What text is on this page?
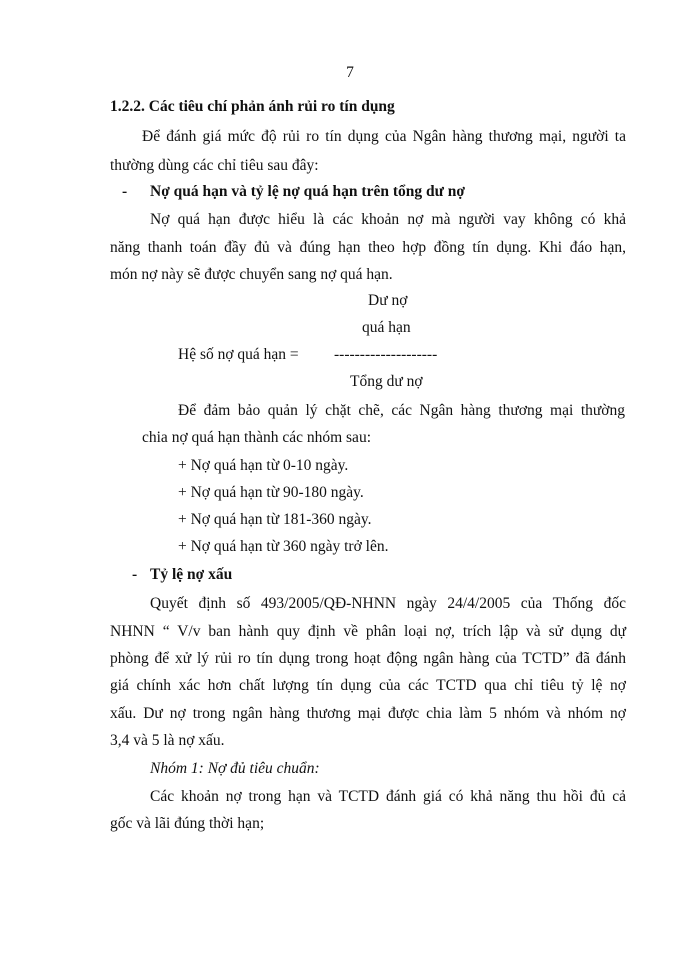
7
1.2.2. Các tiêu chí phản ánh rủi ro tín dụng
Để đánh giá mức độ rủi ro tín dụng của Ngân hàng thương mại, người ta
thường dùng các chỉ tiêu sau đây:
- Nợ quá hạn và tỷ lệ nợ quá hạn trên tổng dư nợ
Nợ quá hạn được hiểu là các khoản nợ mà người vay không có khả
năng thanh toán đầy đủ và đúng hạn theo hợp đồng tín dụng. Khi đáo hạn,
món nợ này sẽ được chuyển sang nợ quá hạn.
Dư nợ
quá hạn
Hệ số nợ quá hạn = --------------------
Tổng dư nợ
Để đảm bảo quản lý chặt chẽ, các Ngân hàng thương mại thường
chia nợ quá hạn thành các nhóm sau:
+ Nợ quá hạn từ 0-10 ngày.
+ Nợ quá hạn từ 90-180 ngày.
+ Nợ quá hạn từ 181-360 ngày.
+ Nợ quá hạn từ 360 ngày trở lên.
- Tỷ lệ nợ xấu
Quyết định số 493/2005/QĐ-NHNN ngày 24/4/2005 của Thống đốc
NHNN “ V/v ban hành quy định về phân loại nợ, trích lập và sử dụng dự
phòng để xử lý rủi ro tín dụng trong hoạt động ngân hàng của TCTD” đã đánh
giá chính xác hơn chất lượng tín dụng của các TCTD qua chỉ tiêu tỷ lệ nợ
xấu. Dư nợ trong ngân hàng thương mại được chia làm 5 nhóm và nhóm nợ
3,4 và 5 là nợ xấu.
Nhóm 1: Nợ đủ tiêu chuẩn:
Các khoản nợ trong hạn và TCTD đánh giá có khả năng thu hồi đủ cả
gốc và lãi đúng thời hạn;
